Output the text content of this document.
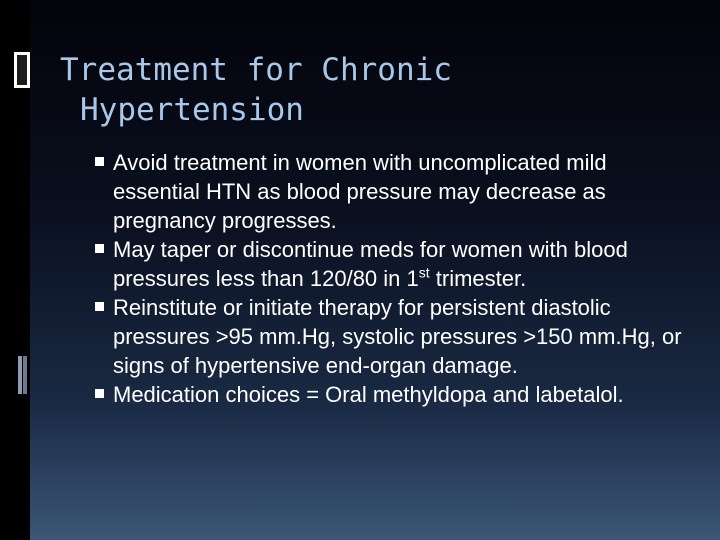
Treatment for Chronic
Hypertension
Avoid treatment in women with uncomplicated mild essential HTN as blood pressure may decrease as pregnancy progresses.
May taper or discontinue meds for women with blood pressures less than 120/80 in 1st trimester.
Reinstitute or initiate therapy for persistent diastolic pressures >95 mm.Hg, systolic pressures >150 mm.Hg, or signs of hypertensive end-organ damage.
Medication choices = Oral methyldopa and labetalol.
